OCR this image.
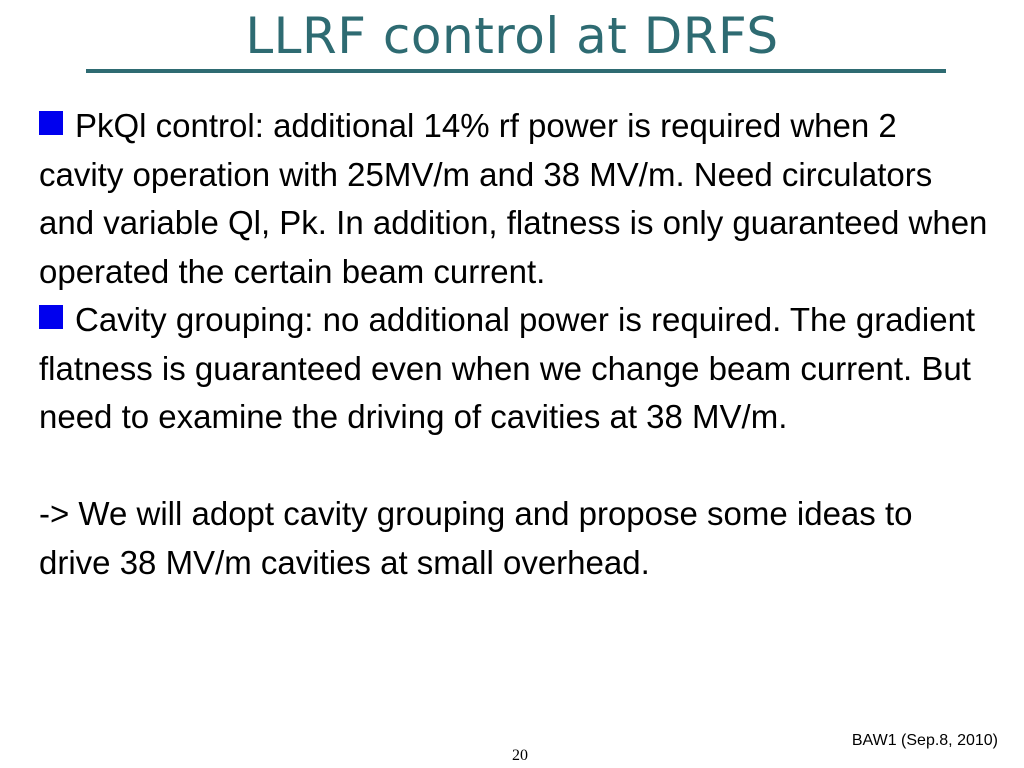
LLRF control at DRFS

PkQl control: additional 14% rf power is required when 2 cavity operation with 25MV/m and 38 MV/m. Need circulators and variable Ql, Pk. In addition, flatness is only guaranteed when operated the certain beam current.

Cavity grouping: no additional power is required. The gradient flatness is guaranteed even when we change beam current. But need to examine the driving of cavities at 38 MV/m.

-> We will adopt cavity grouping and propose some ideas to drive 38 MV/m cavities at small overhead.

BAW1 (Sep.8, 2010)
20
